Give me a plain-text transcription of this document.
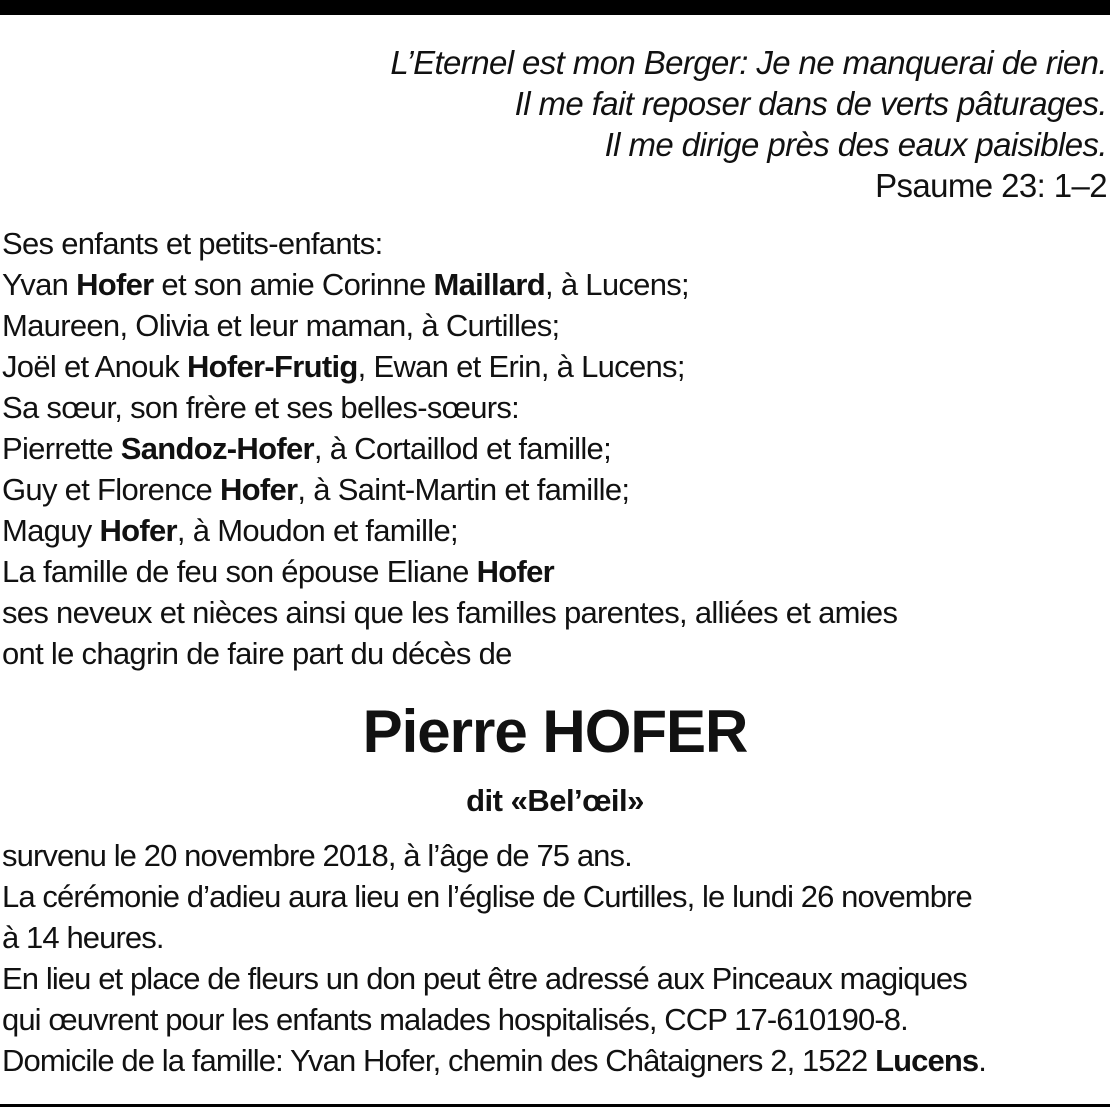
L’Eternel est mon Berger: Je ne manquerai de rien.
Il me fait reposer dans de verts pâturages.
Il me dirige près des eaux paisibles.
Psaume 23: 1–2
Ses enfants et petits-enfants:
Yvan Hofer et son amie Corinne Maillard, à Lucens;
Maureen, Olivia et leur maman, à Curtilles;
Joël et Anouk Hofer-Frutig, Ewan et Erin, à Lucens;
Sa sœur, son frère et ses belles-sœurs:
Pierrette Sandoz-Hofer, à Cortaillod et famille;
Guy et Florence Hofer, à Saint-Martin et famille;
Maguy Hofer, à Moudon et famille;
La famille de feu son épouse Eliane Hofer
ses neveux et nièces ainsi que les familles parentes, alliées et amies
ont le chagrin de faire part du décès de
Pierre HOFER
dit «Bel’œil»
survenu le 20 novembre 2018, à l’âge de 75 ans.
La cérémonie d’adieu aura lieu en l’église de Curtilles, le lundi 26 novembre
à 14 heures.
En lieu et place de fleurs un don peut être adressé aux Pinceaux magiques
qui œuvrent pour les enfants malades hospitalisés, CCP 17-610190-8.
Domicile de la famille: Yvan Hofer, chemin des Châtaigners 2, 1522 Lucens.
